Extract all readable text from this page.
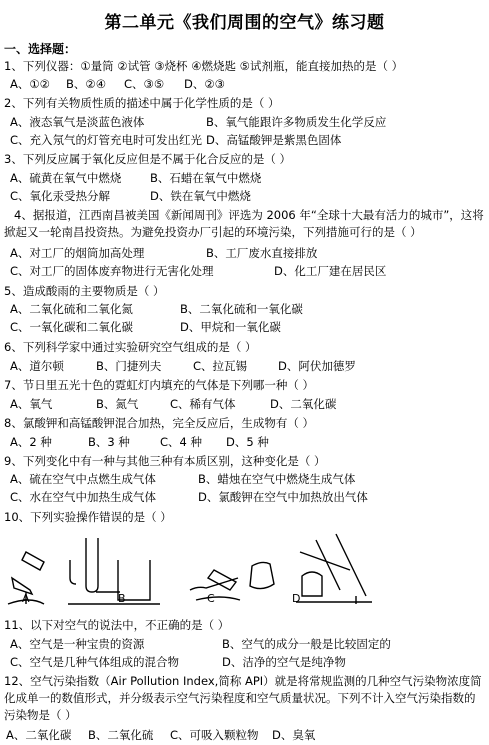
第二单元《我们周围的空气》练习题
一、选择题：
1、下列仪器：①量筒 ②试管 ③烧杯 ④燃烧匙 ⑤试剂瓶，能直接加热的是（ ）
A、①② B、②④ C、③⑤ D、②③
2、下列有关物质性质的描述中属于化学性质的是（ ）
A、液态氧气是淡蓝色液体	B、氧气能跟许多物质发生化学反应
C、充入氖气的灯管充电时可发出红光 D、高锰酸钾是紫黑色固体
3、下列反应属于氧化反应但是不属于化合反应的是（ ）
A、硫黄在氧气中燃烧 B、石蜡在氧气中燃烧
C、氧化汞受热分解	D、铁在氧气中燃烧
4、据报道，江西南昌被美国《新闻周刊》评选为 2006 年“全球十大最有活力的城市”，这将掀起又一轮南昌投资热。为避免投资办厂引起的环境污染，下列措施可行的是（ ）
A、对工厂的烟筒加高处理	B、工厂废水直接排放
C、对工厂的固体废弃物进行无害化处理	D、化工厂建在居民区
5、造成酸雨的主要物质是（ ）
A、二氧化硫和二氧化氮	B、二氧化硫和一氧化碳
C、一氧化碳和二氧化碳	D、甲烷和一氧化碳
6、下列科学家中通过实验研究空气组成的是（ ）
A、道尔顿	B、门捷列夫	C、拉瓦锡	D、阿伏加德罗
7、节日里五光十色的霓虹灯内填充的气体是下列哪一种（ ）
A、氧气	B、氮气	C、稀有气体	D、二氧化碳
8、氯酸钾和高锰酸钾混合加热，完全反应后，生成物有（ ）
A、2 种	B、3 种	C、4 种 D、5 种
9、下列变化中有一种与其他三种有本质区别，这种变化是（ ）
A、硫在空气中点燃生成气体	B、蜡烛在空气中燃烧生成气体
C、水在空气中加热生成气体	D、氯酸钾在空气中加热放出气体
10、下列实验操作错误的是（ ）
A	B	C	D
11、以下对空气的说法中，不正确的是（ ）
A、空气是一种宝贵的资源	B、空气的成分一般是比较固定的
C、空气是几种气体组成的混合物	D、洁净的空气是纯净物
12、空气污染指数（Air Pollution Index,简称 API）就是将常规监测的几种空气污染物浓度简化成单一的数值形式，并分级表示空气污染程度和空气质量状况。下列不计入空气污染指数的污染物是（ ）
A、二氧化碳 B、二氧化硫 C、可吸入颗粒物 D、臭氧
